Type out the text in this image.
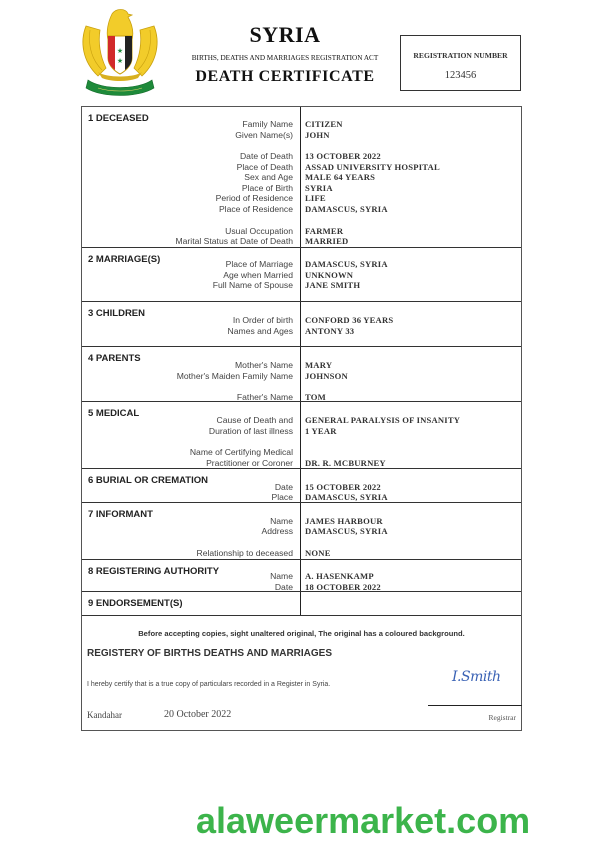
★
★
SYRIA
BIRTHS, DEATHS AND MARRIAGES REGISTRATION ACT
DEATH CERTIFICATE
REGISTRATION NUMBER
123456
1 DECEASED	Family Name CITIZEN
Given Name(s) JOHN
Date of Death 13 OCTOBER 2022
Place of Death ASSAD UNIVERSITY HOSPITAL
Sex and Age MALE 64 YEARS
Place of Birth SYRIA
Period of Residence LIFE
Place of Residence DAMASCUS, SYRIA
Usual Occupation FARMER
Marital Status at Date of Death MARRIED
2 MARRIAGE(S)	Place of Marriage DAMASCUS, SYRIA
Age when Married UNKNOWN
Full Name of Spouse JANE SMITH
3 CHILDREN
In Order of birth CONFORD 36 YEARS
Names and Ages ANTONY 33
4 PARENTS
Mother's Name MARY
Mother's Maiden Family Name JOHNSON
Father's Name TOM
5 MEDICAL
Cause of Death and GENERAL PARALYSIS OF INSANITY
Duration of last illness 1 YEAR
Name of Certifying Medical
Practitioner or Coroner DR. R. MCBURNEY
6 BURIAL OR CREMATION
Date 15 OCTOBER 2022
Place DAMASCUS, SYRIA
7 INFORMANT
Name JAMES HARBOUR
Address DAMASCUS, SYRIA
Relationship to deceased NONE
8 REGISTERING AUTHORITY	Name A. HASENKAMP
Date 18 OCTOBER 2022
9 ENDORSEMENT(S)
Before accepting copies, sight unaltered original, The original has a coloured background.
REGISTERY OF BIRTHS DEATHS AND MARRIAGES
I hereby certify that is a true copy of particulars recorded in a Register in Syria.
Kandahar	20 October 2022
I.Smith
Registrar
alaweermarket.com
